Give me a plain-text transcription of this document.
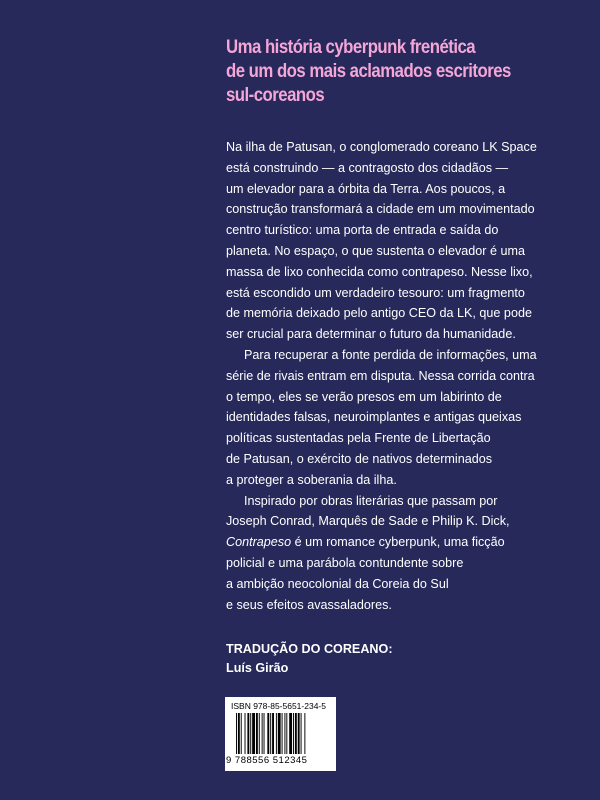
Uma história cyberpunk frenética
de um dos mais aclamados escritores
sul-coreanos
Na ilha de Patusan, o conglomerado coreano LK Space
está construindo — a contragosto dos cidadãos —
um elevador para a órbita da Terra. Aos poucos, a
construção transformará a cidade em um movimentado
centro turístico: uma porta de entrada e saída do
planeta. No espaço, o que sustenta o elevador é uma
massa de lixo conhecida como contrapeso. Nesse lixo,
está escondido um verdadeiro tesouro: um fragmento
de memória deixado pelo antigo CEO da LK, que pode
ser crucial para determinar o futuro da humanidade.
Para recuperar a fonte perdida de informações, uma
série de rivais entram em disputa. Nessa corrida contra
o tempo, eles se verão presos em um labirinto de
identidades falsas, neuroimplantes e antigas queixas
políticas sustentadas pela Frente de Libertação
de Patusan, o exército de nativos determinados
a proteger a soberania da ilha.
Inspirado por obras literárias que passam por
Joseph Conrad, Marquês de Sade e Philip K. Dick,
Contrapeso é um romance cyberpunk, uma ficção
policial e uma parábola contundente sobre
a ambição neocolonial da Coreia do Sul
e seus efeitos avassaladores.
TRADUÇÃO DO COREANO:
Luís Girão
ISBN 978-85-5651-234-5
9 788556 512345
